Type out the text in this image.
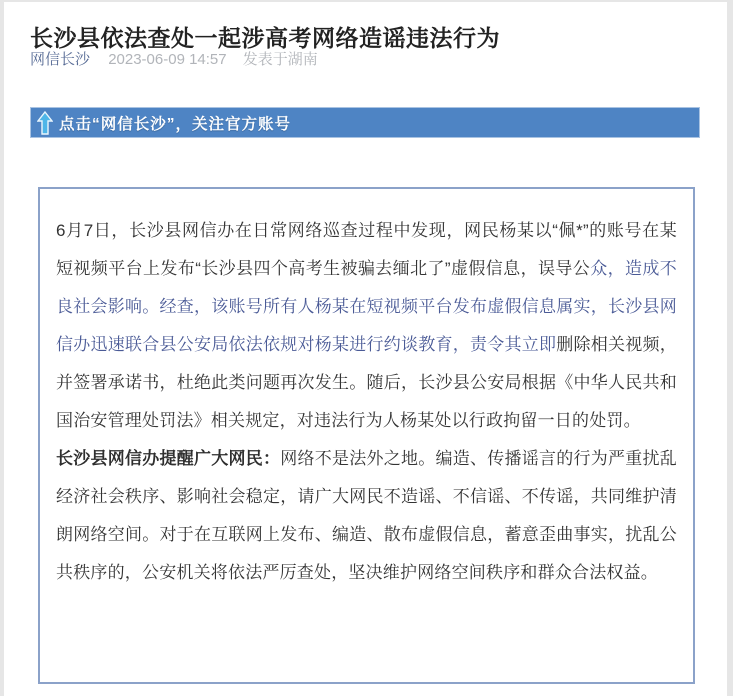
长沙县依法查处一起涉高考网络造谣违法行为
网信长沙 2023-06-09 14:57 发表于湖南
点击“网信长沙”，关注官方账号

6月7日，长沙县网信办在日常网络巡查过程中发现，网民杨某以“佩*”的账号在某短视频平台上发布“长沙县四个高考生被骗去缅北了”虚假信息，误导公众，造成不良社会影响。经查，该账号所有人杨某在短视频平台发布虚假信息属实，长沙县网信办迅速联合县公安局依法依规对杨某进行约谈教育，责令其立即删除相关视频，并签署承诺书，杜绝此类问题再次发生。随后，长沙县公安局根据《中华人民共和国治安管理处罚法》相关规定，对违法行为人杨某处以行政拘留一日的处罚。

长沙县网信办提醒广大网民：网络不是法外之地。编造、传播谣言的行为严重扰乱经济社会秩序、影响社会稳定，请广大网民不造谣、不信谣、不传谣，共同维护清朗网络空间。对于在互联网上发布、编造、散布虚假信息，蓄意歪曲事实，扰乱公共秩序的，公安机关将依法严厉查处，坚决维护网络空间秩序和群众合法权益。
